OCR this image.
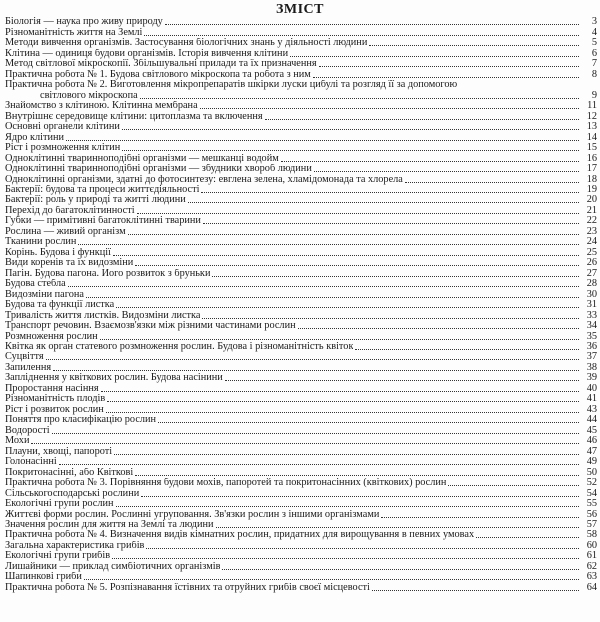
ЗМІСТ
Біологія — наука про живу природу	3
Різноманітність життя на Землі	4
Методи вивчення організмів. Застосування біологічних знань у діяльності людини	5
Клітина — одиниця будови організмів. Історія вивчення клітини	6
Метод світлової мікроскопії. Збільшувальні прилади та їх призначення	7
Практична робота № 1. Будова світлового мікроскопа та робота з ним	8
Практична робота № 2. Виготовлення мікропрепаратів шкірки луски цибулі та розгляд її за допомогою
світлового мікроскопа	9
Знайомство з клітиною. Клітинна мембрана	11
Внутрішнє середовище клітини: цитоплазма та включення	12
Основні органели клітини	13
Ядро клітини	14
Ріст і розмноження клітин	15
Одноклітинні тваринноподібні організми — мешканці водойм	16
Одноклітинні тваринноподібні організми — збудники хвороб людини	17
Одноклітинні організми, здатні до фотосинтезу: евглена зелена, хламідомонада та хлорела	18
Бактерії: будова та процеси життєдіяльності	19
Бактерії: роль у природі та житті людини	20
Перехід до багатоклітинності	21
Губки — примітивні багатоклітинні тварини	22
Рослина — живий організм	23
Тканини рослин	24
Корінь. Будова і функції	25
Види коренів та їх видозміни	26
Пагін. Будова пагона. Його розвиток з бруньки	27
Будова стебла	28
Видозміни пагона	30
Будова та функції листка	31
Тривалість життя листків. Видозміни листка	33
Транспорт речовин. Взаємозв'язки між різними частинами рослин	34
Розмноження рослин	35
Квітка як орган статевого розмноження рослин. Будова і різноманітність квіток	36
Суцвіття	37
Запилення	38
Запліднення у квіткових рослин. Будова насінини	39
Проростання насіння	40
Різноманітність плодів	41
Ріст і розвиток рослин	43
Поняття про класифікацію рослин	44
Водорості	45
Мохи	46
Плауни, хвощі, папороті	47
Голонасінні	49
Покритонасінні, або Квіткові	50
Практична робота № 3. Порівняння будови мохів, папоротей та покритонасінних (квіткових) рослин	52
Сільськогосподарські рослини	54
Екологічні групи рослин	55
Життєві форми рослин. Рослинні угруповання. Зв'язки рослин з іншими організмами	56
Значення рослин для життя на Землі та людини	57
Практична робота № 4. Визначення видів кімнатних рослин, придатних для вирощування в певних умовах	58
Загальна характеристика грибів	60
Екологічні групи грибів	61
Лишайники — приклад симбіотичних організмів	62
Шапинкові гриби	63
Практична робота № 5. Розпізнавання їстівних та отруйних грибів своєї місцевості	64
